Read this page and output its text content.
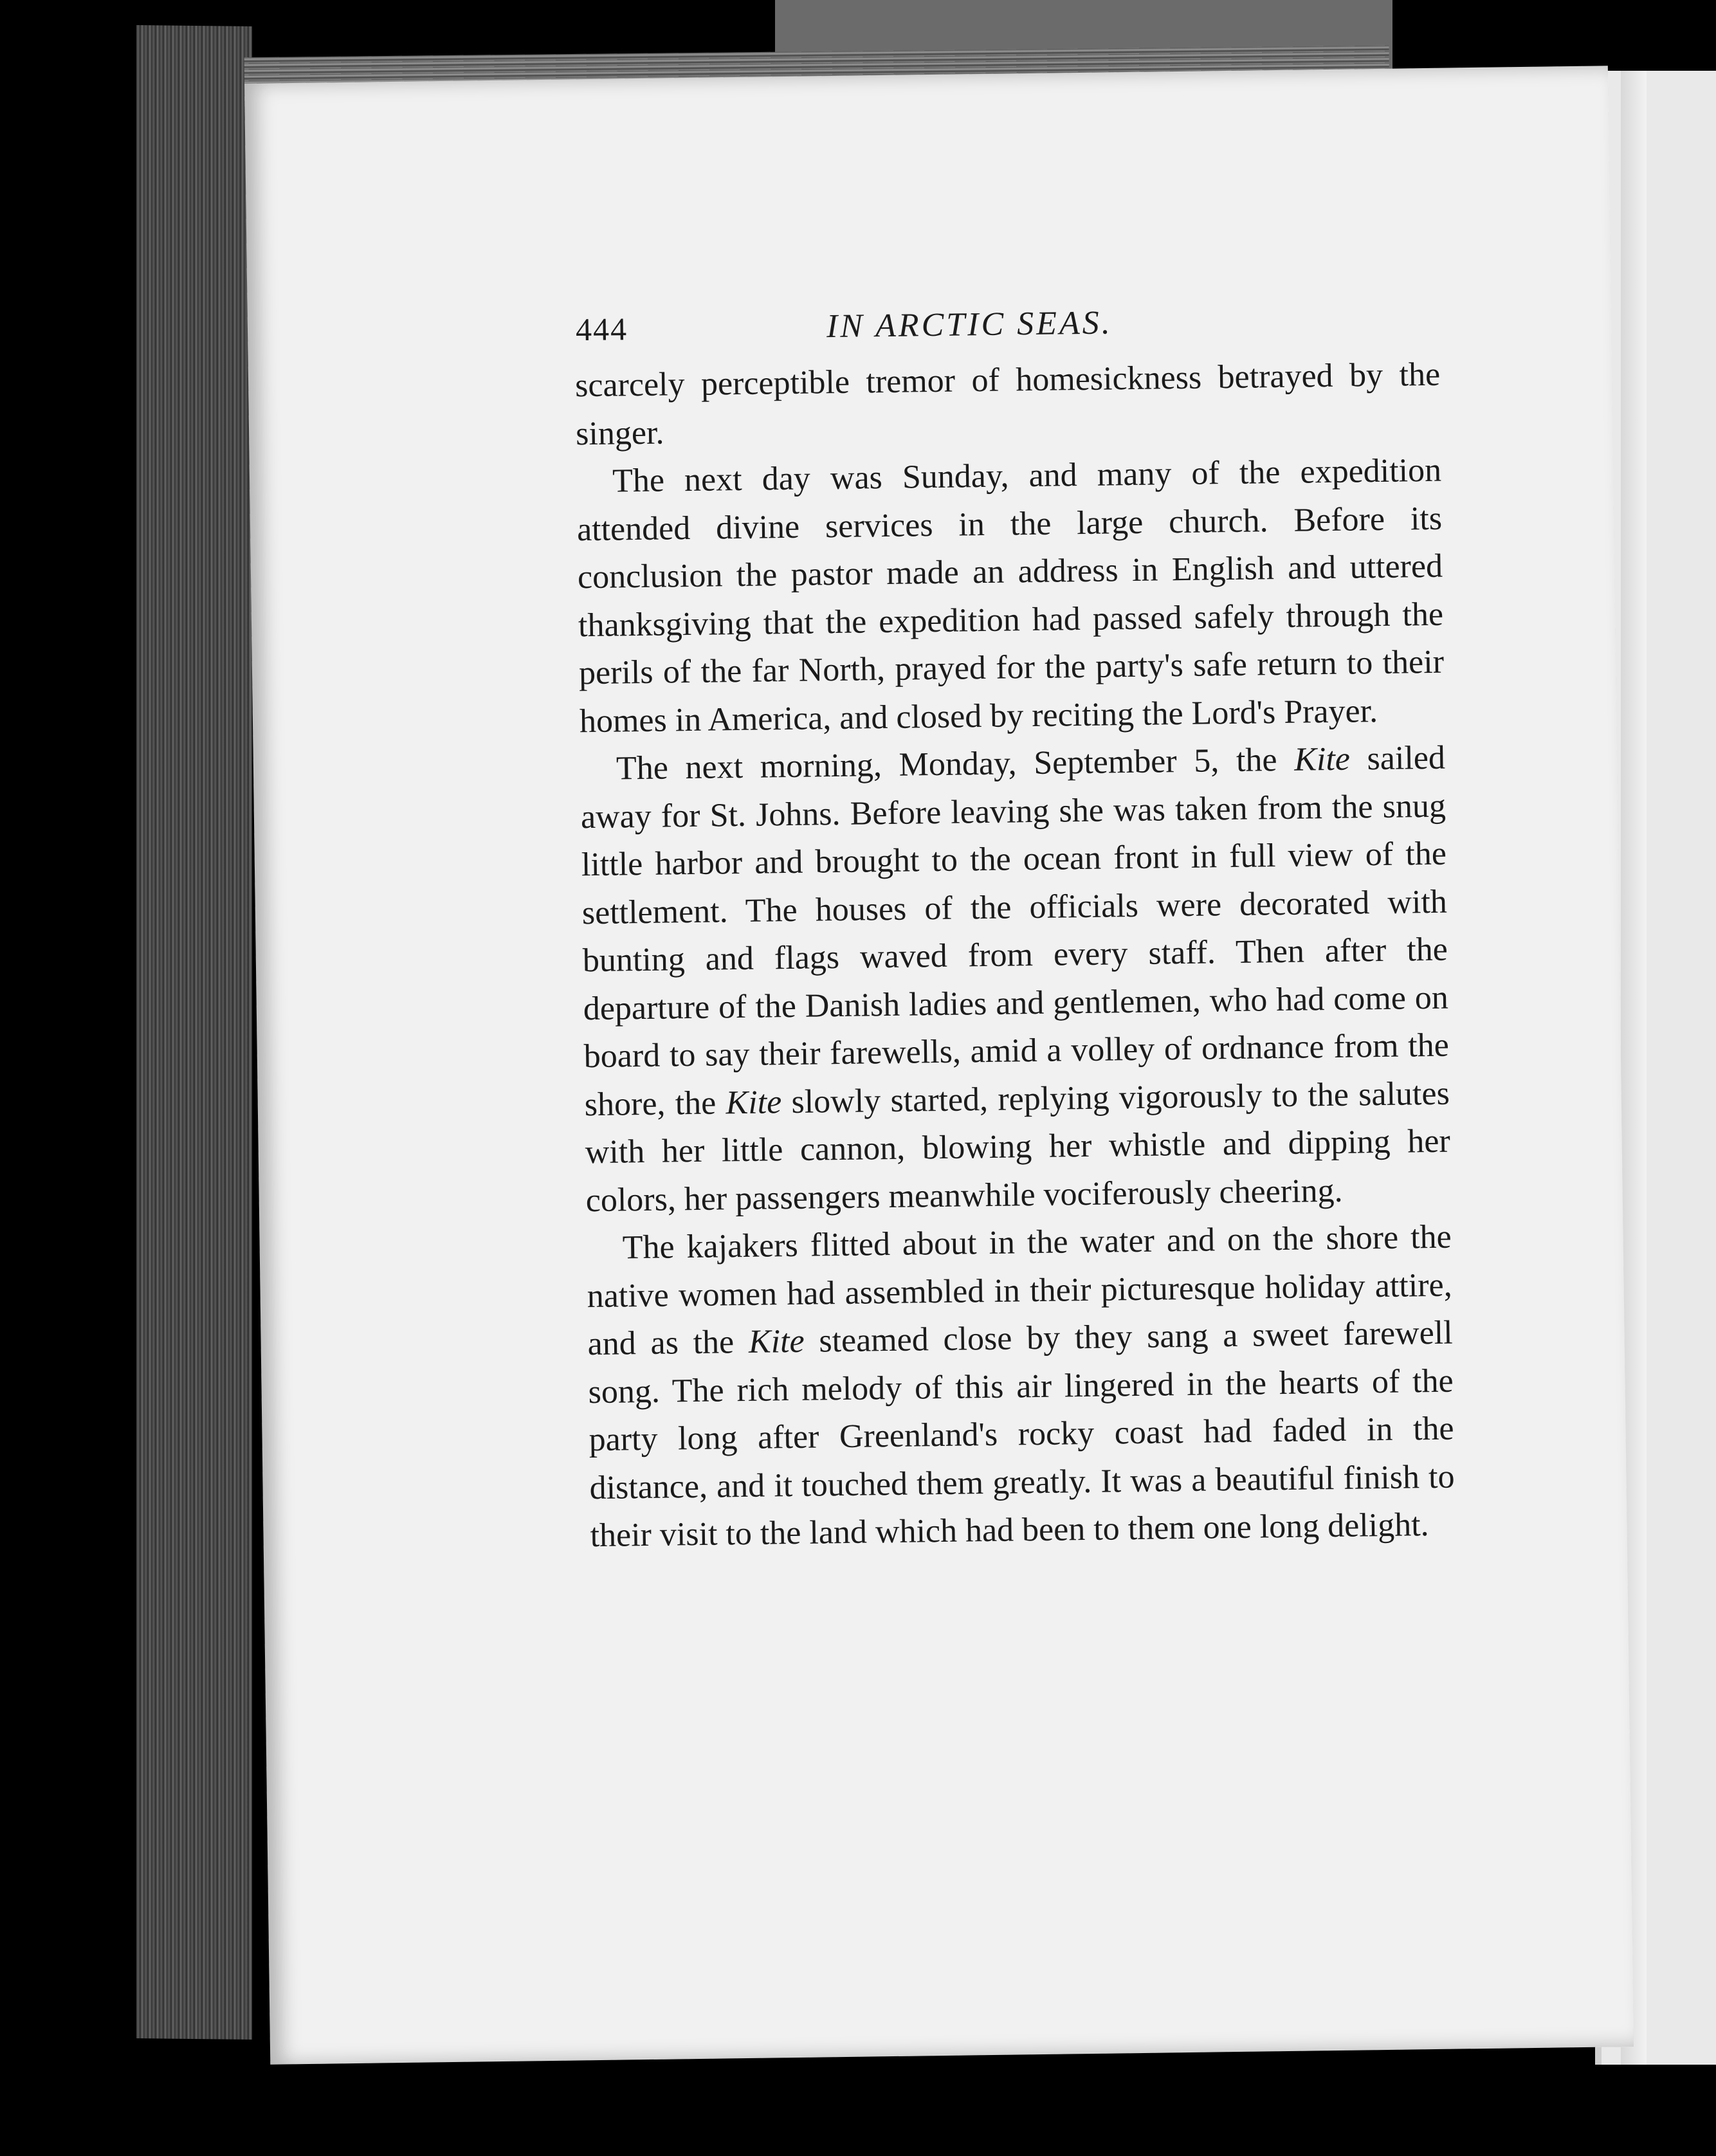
444	IN ARCTIC SEAS.

scarcely perceptible tremor of homesickness betrayed by the singer.

The next day was Sunday, and many of the expedition attended divine services in the large church. Before its conclusion the pastor made an address in English and uttered thanksgiving that the expedition had passed safely through the perils of the far North, prayed for the party's safe return to their homes in America, and closed by reciting the Lord's Prayer.

The next morning, Monday, September 5, the Kite sailed away for St. Johns. Before leaving she was taken from the snug little harbor and brought to the ocean front in full view of the settlement. The houses of the officials were decorated with bunting and flags waved from every staff. Then after the departure of the Danish ladies and gentlemen, who had come on board to say their farewells, amid a volley of ordnance from the shore, the Kite slowly started, replying vigorously to the salutes with her little cannon, blowing her whistle and dipping her colors, her passengers meanwhile vociferously cheering.

The kajakers flitted about in the water and on the shore the native women had assembled in their picturesque holiday attire, and as the Kite steamed close by they sang a sweet farewell song. The rich melody of this air lingered in the hearts of the party long after Greenland's rocky coast had faded in the distance, and it touched them greatly. It was a beautiful finish to their visit to the land which had been to them one long delight.
